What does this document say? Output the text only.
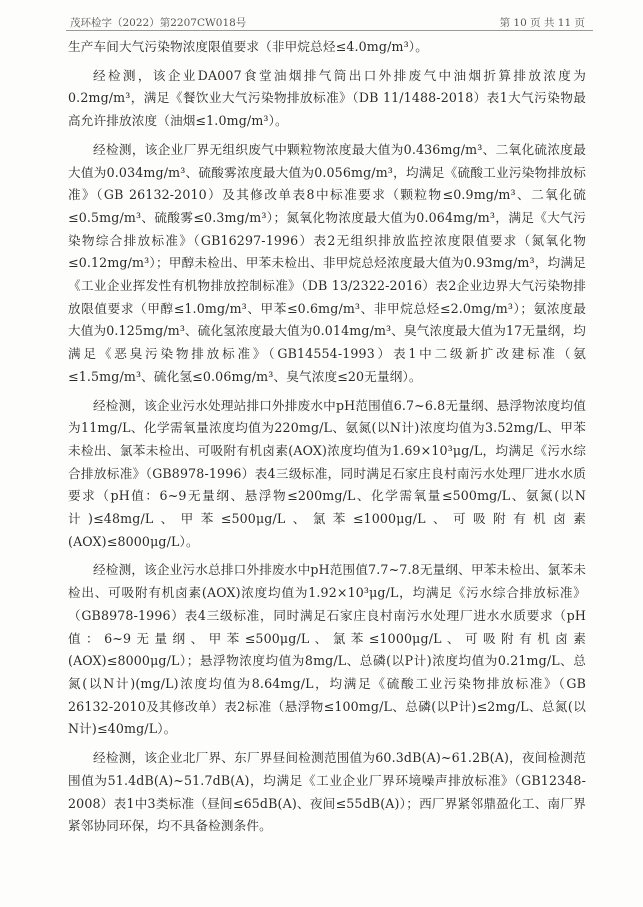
茂环检字（2022）第2207CW018号	第 10 页 共 11 页

生产车间大气污染物浓度限值要求（非甲烷总烃≤4.0mg/m³）。

经检测，该企业DA007食堂油烟排气筒出口外排废气中油烟折算排放浓度为0.2mg/m³，满足《餐饮业大气污染物排放标准》（DB 11/1488-2018）表1大气污染物最高允许排放浓度（油烟≤1.0mg/m³）。

经检测，该企业厂界无组织废气中颗粒物浓度最大值为0.436mg/m³、二氧化硫浓度最大值为0.034mg/m³、硫酸雾浓度最大值为0.056mg/m³，均满足《硫酸工业污染物排放标准》（GB 26132-2010）及其修改单表8中标准要求（颗粒物≤0.9mg/m³、二氧化硫≤0.5mg/m³、硫酸雾≤0.3mg/m³）；氮氧化物浓度最大值为0.064mg/m³，满足《大气污染物综合排放标准》（GB16297-1996）表2无组织排放监控浓度限值要求（氮氧化物≤0.12mg/m³）；甲醇未检出、甲苯未检出、非甲烷总烃浓度最大值为0.93mg/m³，均满足《工业企业挥发性有机物排放控制标准》（DB 13/2322-2016）表2企业边界大气污染物排放限值要求（甲醇≤1.0mg/m³、甲苯≤0.6mg/m³、非甲烷总烃≤2.0mg/m³）；氨浓度最大值为0.125mg/m³、硫化氢浓度最大值为0.014mg/m³、臭气浓度最大值为17无量纲，均满足《恶臭污染物排放标准》（GB14554-1993）表1中二级新扩改建标准（氨≤1.5mg/m³、硫化氢≤0.06mg/m³、臭气浓度≤20无量纲）。

经检测，该企业污水处理站排口外排废水中pH范围值6.7~6.8无量纲、悬浮物浓度均值为11mg/L、化学需氧量浓度均值为220mg/L、氨氮(以N计)浓度均值为3.52mg/L、甲苯未检出、氯苯未检出、可吸附有机卤素(AOX)浓度均值为1.69×10³μg/L，均满足《污水综合排放标准》（GB8978-1996）表4三级标准，同时满足石家庄良村南污水处理厂进水水质要求（pH值：6~9无量纲、悬浮物≤200mg/L、化学需氧量≤500mg/L、氨氮(以N计)≤48mg/L、甲苯≤500μg/L、氯苯≤1000μg/L、可吸附有机卤素(AOX)≤8000μg/L）。

经检测，该企业污水总排口外排废水中pH范围值7.7~7.8无量纲、甲苯未检出、氯苯未检出、可吸附有机卤素(AOX)浓度均值为1.92×10³μg/L，均满足《污水综合排放标准》（GB8978-1996）表4三级标准，同时满足石家庄良村南污水处理厂进水水质要求（pH值：6~9无量纲、甲苯≤500μg/L、氯苯≤1000μg/L、可吸附有机卤素(AOX)≤8000μg/L）；悬浮物浓度均值为8mg/L、总磷(以P计)浓度均值为0.21mg/L、总氮(以N计)(mg/L)浓度均值为8.64mg/L，均满足《硫酸工业污染物排放标准》（GB 26132-2010及其修改单）表2标准（悬浮物≤100mg/L、总磷(以P计)≤2mg/L、总氮(以N计)≤40mg/L）。

经检测，该企业北厂界、东厂界昼间检测范围值为60.3dB(A)~61.2B(A)，夜间检测范围值为51.4dB(A)~51.7dB(A)，均满足《工业企业厂界环境噪声排放标准》（GB12348-2008）表1中3类标准（昼间≤65dB(A)、夜间≤55dB(A)）；西厂界紧邻鼎盈化工、南厂界紧邻协同环保，均不具备检测条件。
